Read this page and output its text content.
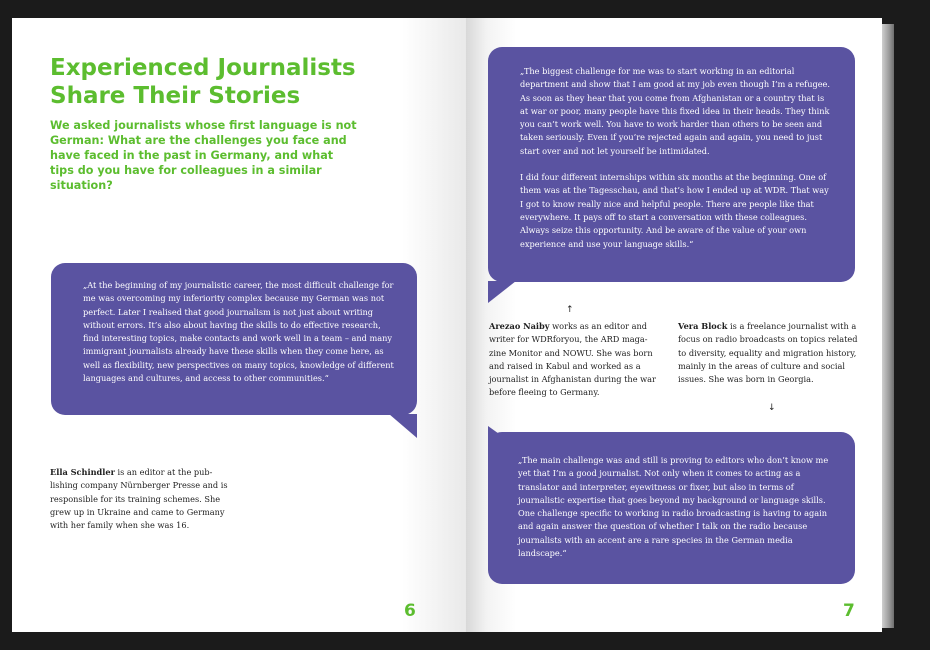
Experienced Journalists Share Their Stories

We asked journalists whose first language is not German: What are the challenges you face and have faced in the past in Germany, and what tips do you have for colleagues in a similar situation?

„At the beginning of my journalistic career, the most difficult challenge for me was overcoming my inferiority complex because my German was not perfect. Later I realised that good journalism is not just about writing without errors. It’s also about having the skills to do effective research, find interesting topics, make contacts and work well in a team – and many immigrant journalists already have these skills when they come here, as well as flexibility, new perspectives on many topics, knowledge of different languages and cultures, and access to other communities.“

Ella Schindler is an editor at the publishing company Nürnberger Presse and is responsible for its training schemes. She grew up in Ukraine and came to Germany with her family when she was 16.

6

„The biggest challenge for me was to start working in an editorial department and show that I am good at my job even though I’m a refugee. As soon as they hear that you come from Afghanistan or a country that is at war or poor, many people have this fixed idea in their heads. They think you can’t work well. You have to work harder than others to be seen and taken seriously. Even if you’re rejected again and again, you need to just start over and not let yourself be intimidated.

I did four different internships within six months at the beginning. One of them was at the Tagesschau, and that’s how I ended up at WDR. That way I got to know really nice and helpful people. There are people like that everywhere. It pays off to start a conversation with these colleagues. Always seize this opportunity. And be aware of the value of your own experience and use your language skills.“

↑

Arezao Naiby works as an editor and writer for WDRforyou, the ARD magazine Monitor and NOWU. She was born and raised in Kabul and worked as a journalist in Afghanistan during the war before fleeing to Germany.

Vera Block is a freelance journalist with a focus on radio broadcasts on topics related to diversity, equality and migration history, mainly in the areas of culture and social issues. She was born in Georgia.

↓

„The main challenge was and still is proving to editors who don’t know me yet that I’m a good journalist. Not only when it comes to acting as a translator and interpreter, eyewitness or fixer, but also in terms of journalistic expertise that goes beyond my background or language skills. One challenge specific to working in radio broadcasting is having to again and again answer the question of whether I talk on the radio because journalists with an accent are a rare species in the German media landscape.“

7
